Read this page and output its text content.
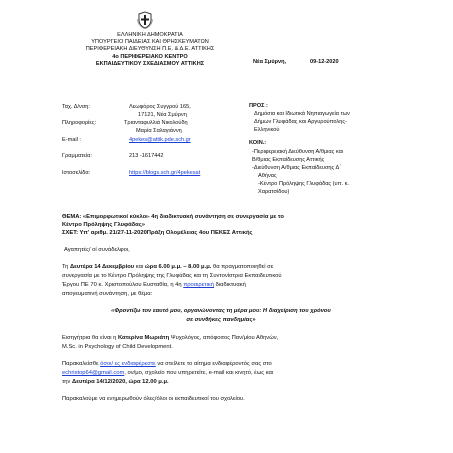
ΕΛΛΗΝΙΚΗ ΔΗΜΟΚΡΑΤΙΑ
ΥΠΟΥΡΓΕΙΟ ΠΑΙΔΕΙΑΣ ΚΑΙ ΘΡΗΣΚΕΥΜΑΤΩΝ
ΠΕΡΙΦΕΡΕΙΑΚΗ ΔΙΕΥΘΥΝΣΗ Π.Ε. & Δ.Ε. ΑΤΤΙΚΗΣ
4ο ΠΕΡΙΦΕΡΕΙΑΚΟ ΚΕΝΤΡΟ
ΕΚΠΑΙΔΕΥΤΙΚΟΥ ΣΧΕΔΙΑΣΜΟΥ ΑΤΤΙΚΗΣ	Νέα Σμύρνη,	09-12-2020
Ταχ. Δ/νση:	Λεωφόρος Συγγρού 165,
17121, Νέα Σμύρνη
Πληροφορίες:	Τριανταφυλλιά Νικολούδη
Μαρία Σαλαγιάννη
E-mail :	4pekes@attik.pde.sch.gr
Γραμματεία:	213 -1617442
Ιστοσελίδα:	https://blogs.sch.gr/4pekesat
ΠΡΟΣ :
Δημόσια και Ιδιωτικά Νηπιαγωγεία των
Δήμων Γλυφάδας και Αργυρούπολης-
Ελληνικού
ΚΟΙΝ.:
-Περιφερειακή Διεύθυνση Α/θμιας και
Β/θμιας Εκπαίδευσης Αττικής
-Διεύθυνση Α/θμιας Εκπαίδευσης Δ΄
Αθήνας
-Κέντρο Πρόληψης Γλυφάδας (υπ. κ.
Χαρατσίδου)
ΘΕΜΑ: «Επιμορφωτικοί κύκλοι- 4η διαδικτυακή συνάντηση σε συνεργασία με το
Κέντρο Πρόληψης Γλυφάδας»
ΣΧΕΤ: Υπ’ αριθμ. 21/27-11-2020Πράξη Ολομέλειας 4ου ΠΕΚΕΣ Αττικής
Αγαπητές/ οί συνάδελφοι,
Τη Δευτέρα 14 Δεκεμβρίου και ώρα 6.00 μ.μ. – 8.00 μ.μ. θα πραγματοποιηθεί σε
συνεργασία με το Κέντρο Πρόληψης της Γλυφάδας και τη Συντονίστρια Εκπαιδευτικού
Έργου ΠΕ 70 κ. Χριστοπούλου Ευσταθία, η 4η προαιρετική διαδικτυακή
απογευματινή συνάντηση, με θέμα:
«Φροντίζω τον εαυτό μου, οργανώνοντας τη μέρα μου: Η διαχείριση του χρόνου
σε συνθήκες πανδημίας»
Εισηγήτρια θα είναι η Κατερίνα Μωριάτη Ψυχολόγος, απόφοιτος Παν/μίου Αθηνών,
M.Sc. in Psychology of Child Development.
Παρακαλείσθε όσοι/ ες ενδιαφέρεστε να στείλετε το αίτημα ενδιαφέροντός σας στο
echristop64@gmail.com, ον/μο, σχολείο που υπηρετείτε, e-mail και κινητό, έως και
την Δευτέρα 14/12/2020, ώρα 12.00 μ.μ.
Παρακαλούμε να ενημερωθούν όλες/όλοι οι εκπαιδευτικοί του σχολείου.
